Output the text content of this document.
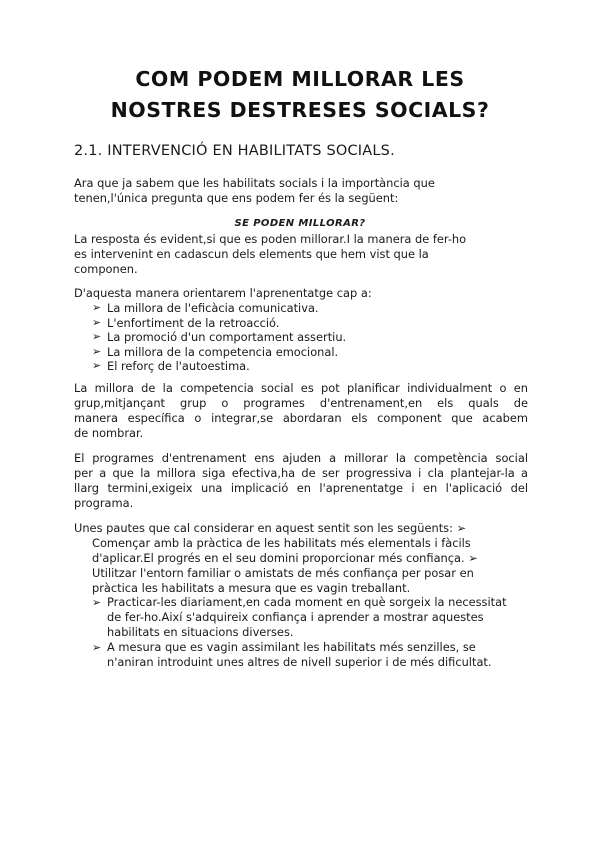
COM PODEM MILLORAR LES
NOSTRES DESTRESES SOCIALS?
2.1. INTERVENCIÓ EN HABILITATS SOCIALS.

Ara que ja sabem que les habilitats socials i la importància que
tenen,l'única pregunta que ens podem fer és la següent:

SE PODEN MILLORAR?

La resposta és evident,si que es poden millorar.I la manera de fer-ho
es intervenint en cadascun dels elements que hem vist que la
componen.

D'aquesta manera orientarem l'aprenentatge cap a:

➢ La millora de l'eficàcia comunicativa.
➢ L'enfortiment de la retroacció.
➢ La promoció d'un comportament assertiu.
➢ La millora de la competencia emocional.
➢ El reforç de l'autoestima.

La millora de la competencia social es pot planificar individualment o en
grup,mitjançant grup o programes d'entrenament,en els quals de
manera específica o integrar,se abordaran els component que acabem
de nombrar.

El programes d'entrenament ens ajuden a millorar la competència social
per a que la millora siga efectiva,ha de ser progressiva i cla plantejar-la a
llarg termini,exigeix una implicació en l'aprenentatge i en l'aplicació del
programa.

Unes pautes que cal considerar en aquest sentit son les següents: ➢
Començar amb la pràctica de les habilitats més elementals i fàcils
d'aplicar.El progrés en el seu domini proporcionar més confiança. ➢
Utilitzar l'entorn familiar o amistats de més confiança per posar en
pràctica les habilitats a mesura que es vagin treballant.

➢ Practicar-les diariament,en cada moment en què sorgeix la necessitat
de fer-ho.Així s'adquireix confiança i aprender a mostrar aquestes
habilitats en situacions diverses.
➢ A mesura que es vagin assimilant les habilitats més senzilles, se
n'aniran introduint unes altres de nivell superior i de més dificultat.
